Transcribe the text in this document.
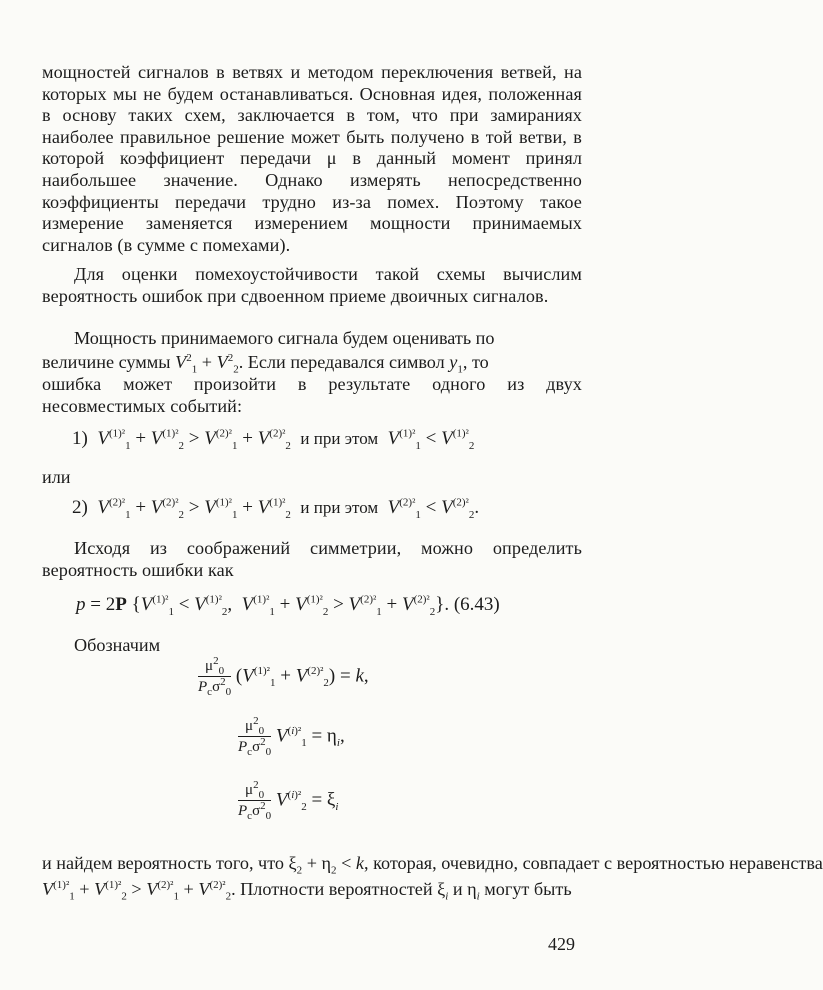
мощностей сигналов в ветвях и методом переключения ветвей, на которых мы не будем останавливаться. Основная идея, положенная в основу таких схем, заключается в том, что при замираниях наиболее правильное решение может быть получено в той ветви, в которой коэффициент передачи μ в данный момент принял наибольшее значение. Однако измерять непосредственно коэффициенты передачи трудно из-за помех. Поэтому такое измерение заменяется измерением мощности принимаемых сигналов (в сумме с помехами).
Для оценки помехоустойчивости такой схемы вычислим вероятность ошибок при сдвоенном приеме двоичных сигналов.
Мощность принимаемого сигнала будем оценивать по
величине суммы $V^2_1 + V^2_2$. Если передавался символ $y_1$, то
ошибка может произойти в результате одного из двух несовместимых событий:
1) $V^{(1)^2}_1 + V^{(1)^2}_2 > V^{(2)^2}_1 + V^{(2)^2}_2$ и при этом $V^{(1)^2}_1 < V^{(1)^2}_2$
или
2) $V^{(2)^2}_1 + V^{(2)^2}_2 > V^{(1)^2}_1 + V^{(1)^2}_2$ и при этом $V^{(2)^2}_1 < V^{(2)^2}_2$.
Исходя из соображений симметрии, можно определить вероятность ошибки как
p = 2P {$V^{(1)^2}_1 < V^{(1)^2}_2$,  $V^{(1)^2}_1 + V^{(1)^2}_2 > V^{(2)^2}_1 + V^{(2)^2}_2$}. (6.43)
Обозначим
$\frac{\mu^2_0}{P_c\sigma^2_0} (V^{(1)^2}_1 + V^{(2)^2}_2) = k$,
$\frac{\mu^2_0}{P_c\sigma^2_0} V^{(i)^2}_1 = \eta_i$,
$\frac{\mu^2_0}{P_c\sigma^2_0} V^{(i)^2}_2 = \xi_i$
и найдем вероятность того, что $\xi_2 + \eta_2 < k$, которая, очевидно, совпадает с вероятностью неравенства
$V^{(1)^2}_1 + V^{(1)^2}_2 > V^{(2)^2}_1 + V^{(2)^2}_2$. Плотности вероятностей $\xi_i$ и $\eta_i$ могут быть
429
